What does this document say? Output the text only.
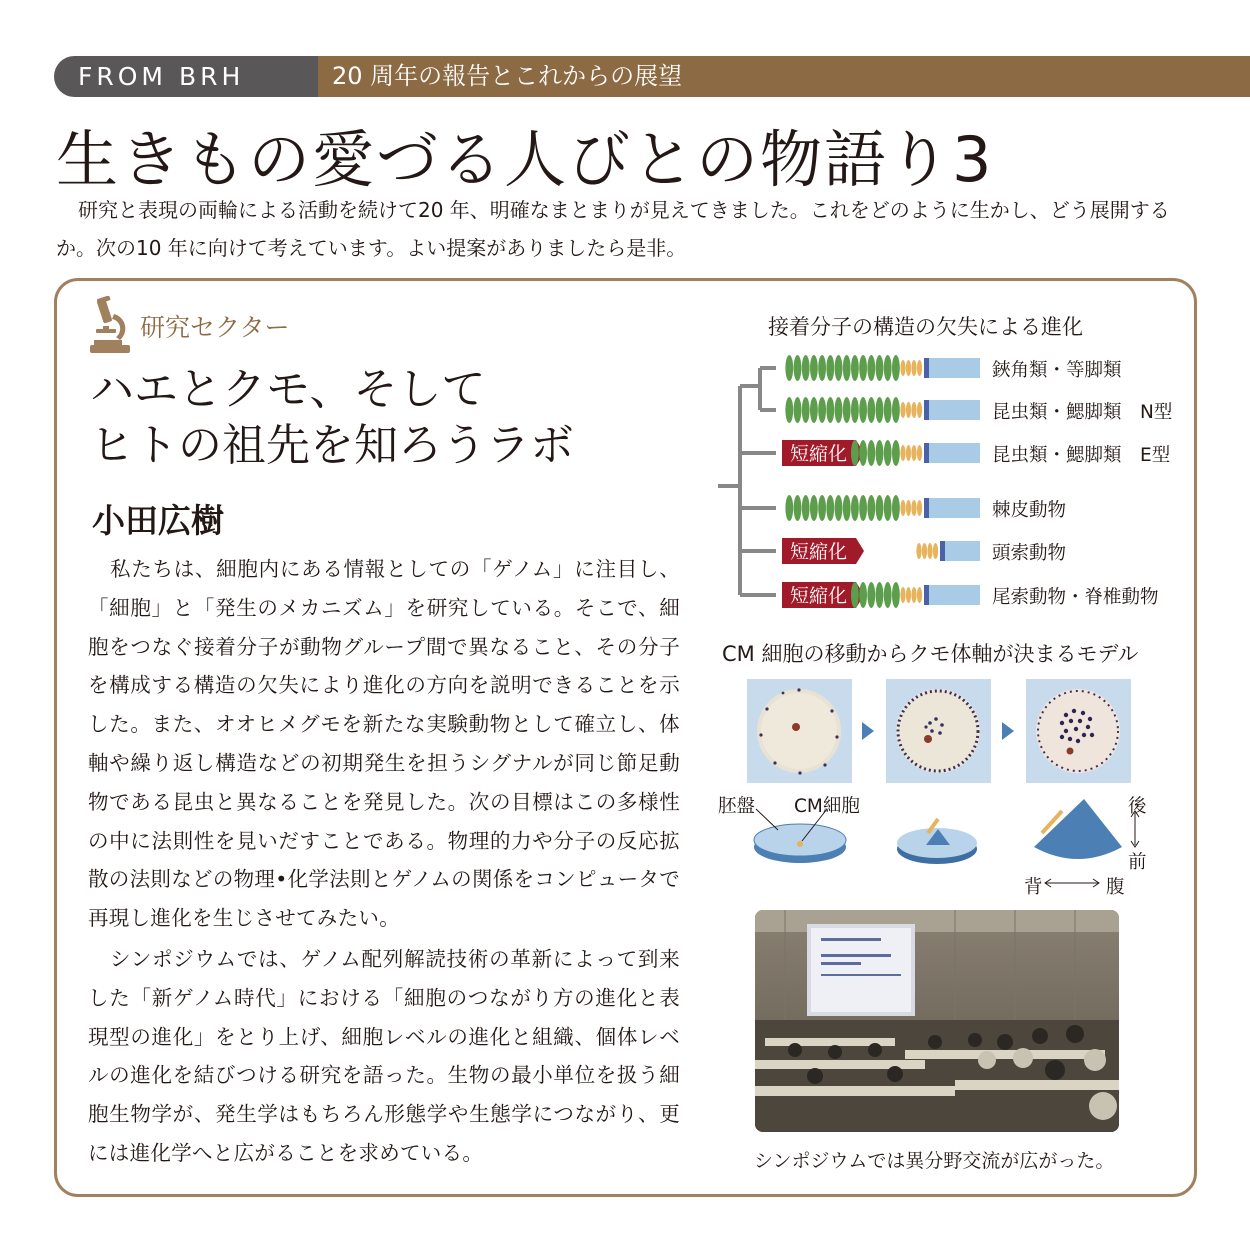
FROM BRH	20 周年の報告とこれからの展望
生きもの愛づる人びとの物語り3

研究と表現の両輪による活動を続けて20 年、明確なまとまりが見えてきました。これをどのように生かし、どう展開するか。次の10 年に向けて考えています。よい提案がありましたら是非。

研究セクター
ハエとクモ、そして
ヒトの祖先を知ろうラボ
小田広樹

私たちは、細胞内にある情報としての「ゲノム」に注目し、「細胞」と「発生のメカニズム」を研究している。そこで、細胞をつなぐ接着分子が動物グループ間で異なること、その分子を構成する構造の欠失により進化の方向を説明できることを示した。また、オオヒメグモを新たな実験動物として確立し、体軸や繰り返し構造などの初期発生を担うシグナルが同じ節足動物である昆虫と異なることを発見した。次の目標はこの多様性の中に法則性を見いだすことである。物理的力や分子の反応拡散の法則などの物理•化学法則とゲノムの関係をコンピュータで再現し進化を生じさせてみたい。

シンポジウムでは、ゲノム配列解読技術の革新によって到来した「新ゲノム時代」における「細胞のつながり方の進化と表現型の進化」をとり上げ、細胞レベルの進化と組織、個体レベルの進化を結びつける研究を語った。生物の最小単位を扱う細胞生物学が、発生学はもちろん形態学や生態学につながり、更には進化学へと広がることを求めている。

接着分子の構造の欠失による進化
短縮化
短縮化
短縮化
鋏角類・等脚類
昆虫類・鰓脚類　N型
昆虫類・鰓脚類　E型
棘皮動物
頭索動物
尾索動物・脊椎動物
CM 細胞の移動からクモ体軸が決まるモデル
胚盤 CM細胞	後
前
背	腹
シンポジウムでは異分野交流が広がった。
